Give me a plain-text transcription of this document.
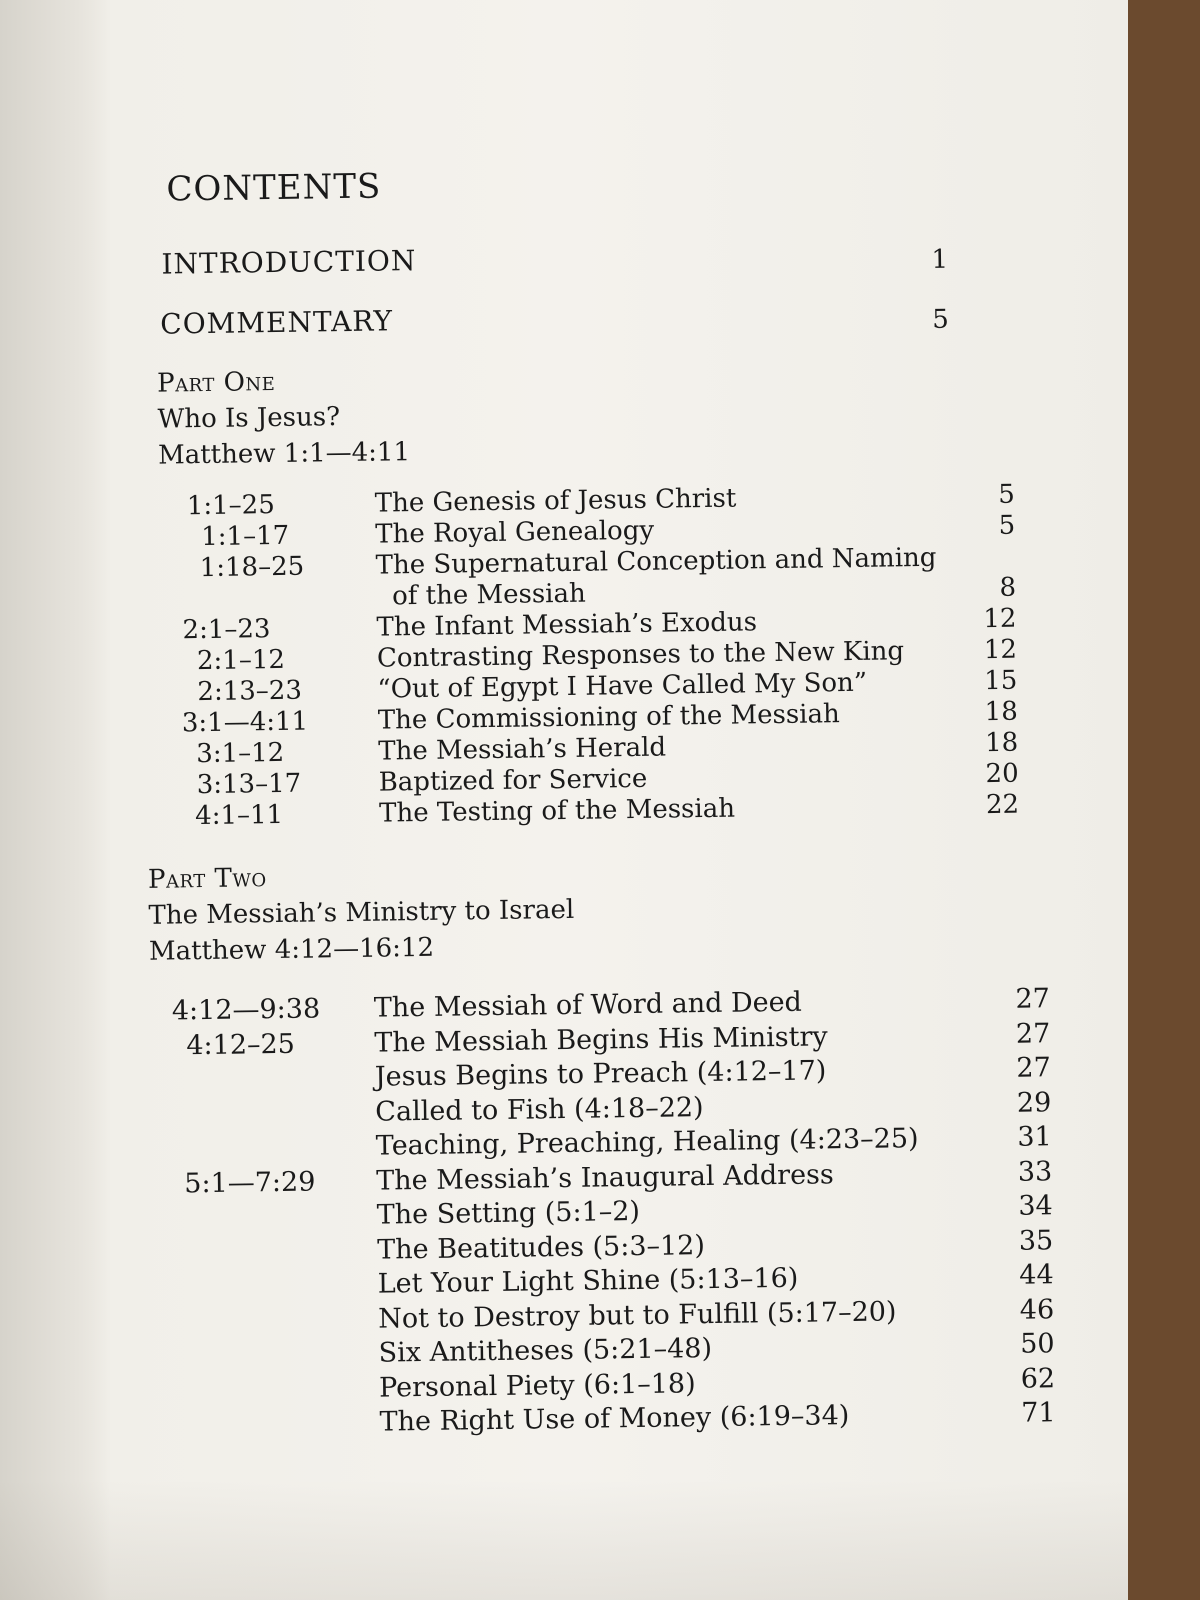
CONTENTS
INTRODUCTION	1
COMMENTARY	5
Part One
Who Is Jesus?
Matthew 1:1—4:11
1:1–25	The Genesis of Jesus Christ	5
1:1–17	The Royal Genealogy	5
1:18–25	The Supernatural Conception and Naming
of the Messiah	8
2:1–23	The Infant Messiah’s Exodus	12
2:1–12	Contrasting Responses to the New King	12
2:13–23	“Out of Egypt I Have Called My Son”	15
3:1—4:11	The Commissioning of the Messiah	18
3:1–12	The Messiah’s Herald	18
3:13–17	Baptized for Service	20
4:1–11	The Testing of the Messiah	22
Part Two
The Messiah’s Ministry to Israel
Matthew 4:12—16:12
4:12—9:38 The Messiah of Word and Deed	27
4:12–25	The Messiah Begins His Ministry	27
Jesus Begins to Preach (4:12–17)	27
Called to Fish (4:18–22)	29
Teaching, Preaching, Healing (4:23–25)	31
5:1—7:29 The Messiah’s Inaugural Address	33
The Setting (5:1–2)	34
The Beatitudes (5:3–12)	35
Let Your Light Shine (5:13–16)	44
Not to Destroy but to Fulfill (5:17–20)	46
Six Antitheses (5:21–48)	50
Personal Piety (6:1–18)	62
The Right Use of Money (6:19–34)	71
